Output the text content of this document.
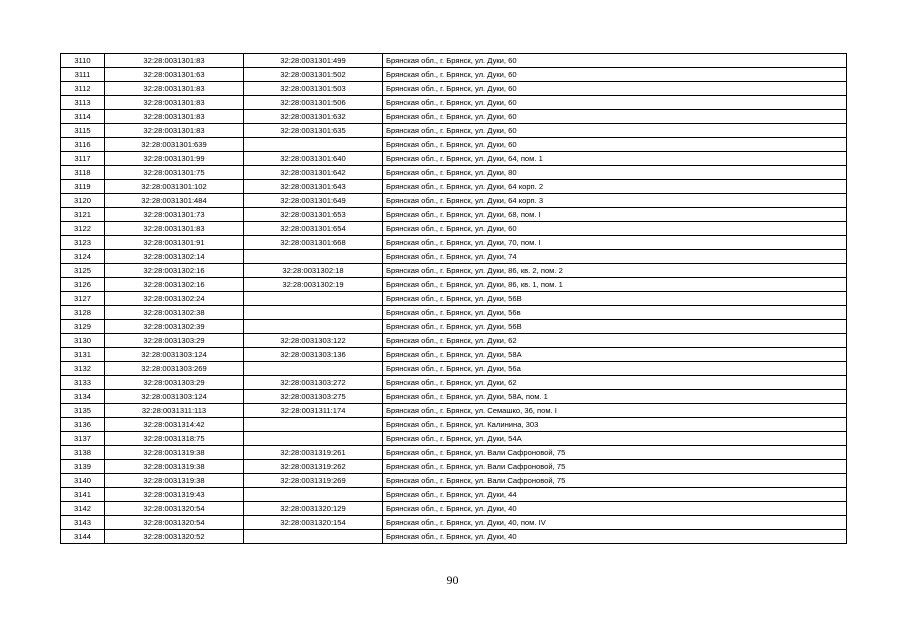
3110	32:28:0031301:83	32:28:0031301:499	Брянская обл., г. Брянск, ул. Дуки, 60
3111	32:28:0031301:63	32:28:0031301:502	Брянская обл., г. Брянск, ул. Дуки, 60
3112	32:28:0031301:83	32:28:0031301:503	Брянская обл., г. Брянск, ул. Дуки, 60
3113	32:28:0031301:83	32:28:0031301:506	Брянская обл., г. Брянск, ул. Дуки, 60
3114	32:28:0031301:83	32:28:0031301:632	Брянская обл., г. Брянск, ул. Дуки, 60
3115	32:28:0031301:83	32:28:0031301:635	Брянская обл., г. Брянск, ул. Дуки, 60
3116	32:28:0031301:639		Брянская обл., г. Брянск, ул. Дуки, 60
3117	32:28:0031301:99	32:28:0031301:640	Брянская обл., г. Брянск, ул. Дуки, 64, пом. 1
3118	32:28:0031301:75	32:28:0031301:642	Брянская обл., г. Брянск, ул. Дуки, 80
3119	32:28:0031301:102	32:28:0031301:643	Брянская обл., г. Брянск, ул. Дуки, 64 корп. 2
3120	32:28:0031301:484	32:28:0031301:649	Брянская обл., г. Брянск, ул. Дуки, 64 корп. 3
3121	32:28:0031301:73	32:28:0031301:653	Брянская обл., г. Брянск, ул. Дуки, 68, пом. I
3122	32:28:0031301:83	32:28:0031301:654	Брянская обл., г. Брянск, ул. Дуки, 60
3123	32:28:0031301:91	32:28:0031301:668	Брянская обл., г. Брянск, ул. Дуки, 70, пом. I
3124	32:28:0031302:14		Брянская обл., г. Брянск, ул. Дуки, 74
3125	32:28:0031302:16	32:28:0031302:18	Брянская обл., г. Брянск, ул. Дуки, 86, кв. 2, пом. 2
3126	32:28:0031302:16	32:28:0031302:19	Брянская обл., г. Брянск, ул. Дуки, 86, кв. 1, пом. 1
3127	32:28:0031302:24		Брянская обл., г. Брянск, ул. Дуки, 56В
3128	32:28:0031302:38		Брянская обл., г. Брянск, ул. Дуки, 56в
3129	32:28:0031302:39		Брянская обл., г. Брянск, ул. Дуки, 56В
3130	32:28:0031303:29	32:28:0031303:122	Брянская обл., г. Брянск, ул. Дуки, 62
3131	32:28:0031303:124	32:28:0031303:136	Брянская обл., г. Брянск, ул. Дуки, 58А
3132	32:28:0031303:269		Брянская обл., г. Брянск, ул. Дуки, 56а
3133	32:28:0031303:29	32:28:0031303:272	Брянская обл., г. Брянск, ул. Дуки, 62
3134	32:28:0031303:124	32:28:0031303:275	Брянская обл., г. Брянск, ул. Дуки, 58А, пом. 1
3135	32:28:0031311:113	32:28:0031311:174	Брянская обл., г. Брянск, ул. Семашко, 36, пом. I
3136	32:28:0031314:42		Брянская обл., г. Брянск, ул. Калинина, 303
3137	32:28:0031318:75		Брянская обл., г. Брянск, ул. Дуки, 54А
3138	32:28:0031319:38	32:28:0031319:261	Брянская обл., г. Брянск, ул. Вали Сафроновой, 75
3139	32:28:0031319:38	32:28:0031319:262	Брянская обл., г. Брянск, ул. Вали Сафроновой, 75
3140	32:28:0031319:38	32:28:0031319:269	Брянская обл., г. Брянск, ул. Вали Сафроновой, 75
3141	32:28:0031319:43		Брянская обл., г. Брянск, ул. Дуки, 44
3142	32:28:0031320:54	32:28:0031320:129	Брянская обл., г. Брянск, ул. Дуки, 40
3143	32:28:0031320:54	32:28:0031320:154	Брянская обл., г. Брянск, ул. Дуки, 40, пом. IV
3144	32:28:0031320:52		Брянская обл., г. Брянск, ул. Дуки, 40
90
